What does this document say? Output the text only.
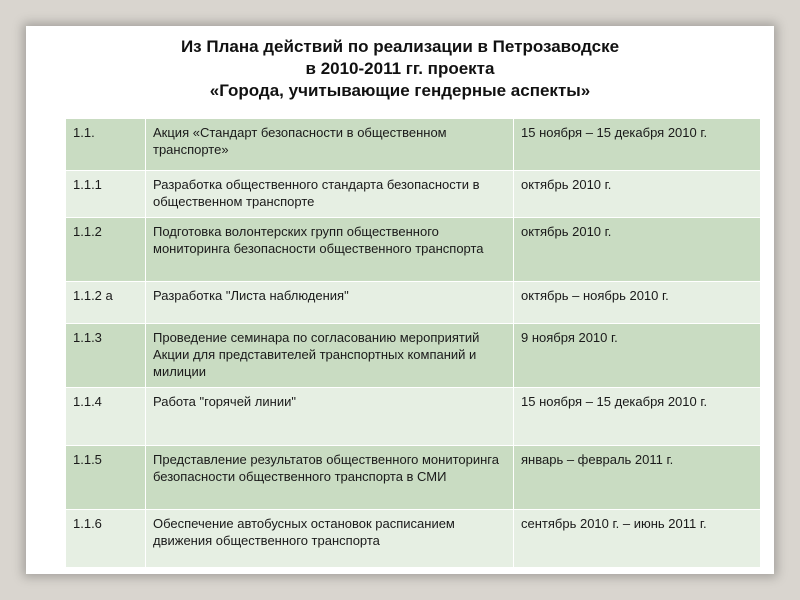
Из Плана действий по реализации в Петрозаводске
в 2010-2011 гг. проекта
«Города, учитывающие гендерные аспекты»
1.1.	Акция «Стандарт безопасности в общественном транспорте»	15 ноября – 15 декабря 2010 г.
1.1.1	Разработка общественного стандарта безопасности в общественном транспорте	октябрь 2010 г.
1.1.2	Подготовка волонтерских групп общественного мониторинга безопасности общественного транспорта	октябрь 2010 г.
1.1.2 а	Разработка "Листа наблюдения"	октябрь – ноябрь 2010 г.
1.1.3	Проведение семинара по согласованию мероприятий Акции для представителей транспортных компаний и милиции	9 ноября 2010 г.
1.1.4	Работа "горячей линии"	15 ноября – 15 декабря 2010 г.
1.1.5	Представление результатов общественного мониторинга безопасности общественного транспорта в СМИ	январь – февраль 2011 г.
1.1.6	Обеспечение автобусных остановок расписанием движения общественного транспорта	сентябрь 2010 г. – июнь 2011 г.
